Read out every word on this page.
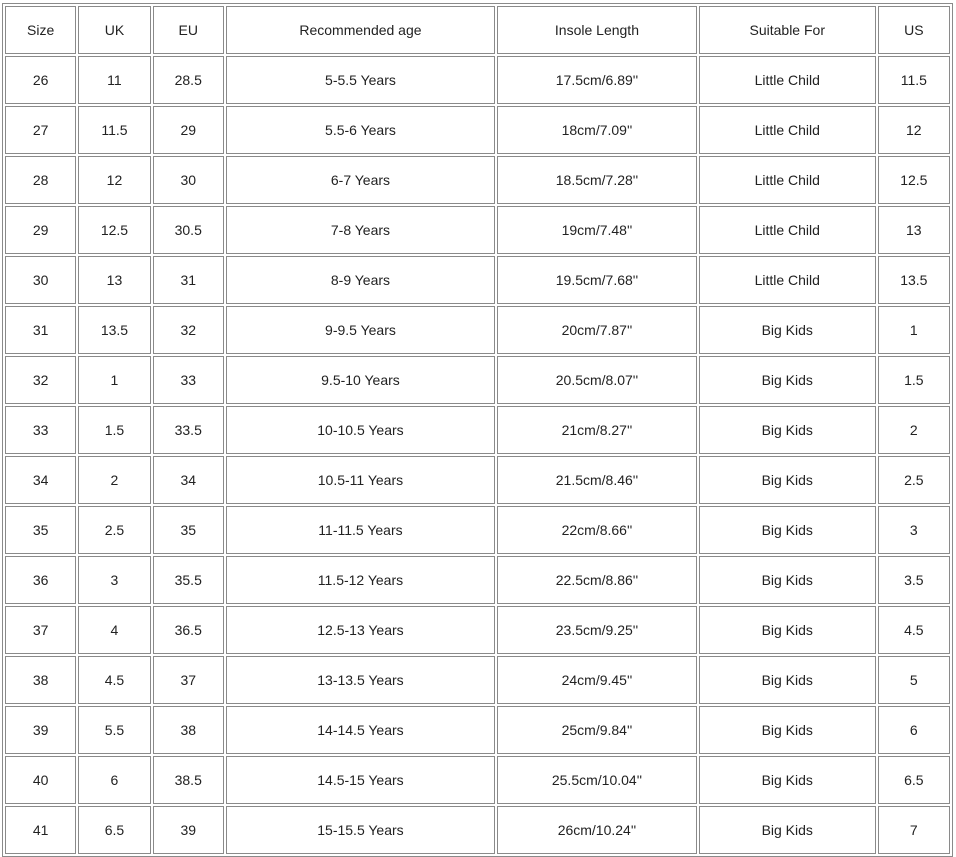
Size	UK	EU	Recommended age	Insole Length	Suitable For	US
26	11	28.5	5-5.5 Years	17.5cm/6.89''	Little Child	11.5
27	11.5	29	5.5-6 Years	18cm/7.09''	Little Child	12
28	12	30	6-7 Years	18.5cm/7.28''	Little Child	12.5
29	12.5	30.5	7-8 Years	19cm/7.48''	Little Child	13
30	13	31	8-9 Years	19.5cm/7.68''	Little Child	13.5
31	13.5	32	9-9.5 Years	20cm/7.87''	Big Kids	1
32	1	33	9.5-10 Years	20.5cm/8.07''	Big Kids	1.5
33	1.5	33.5	10-10.5 Years	21cm/8.27''	Big Kids	2
34	2	34	10.5-11 Years	21.5cm/8.46''	Big Kids	2.5
35	2.5	35	11-11.5 Years	22cm/8.66''	Big Kids	3
36	3	35.5	11.5-12 Years	22.5cm/8.86''	Big Kids	3.5
37	4	36.5	12.5-13 Years	23.5cm/9.25''	Big Kids	4.5
38	4.5	37	13-13.5 Years	24cm/9.45''	Big Kids	5
39	5.5	38	14-14.5 Years	25cm/9.84''	Big Kids	6
40	6	38.5	14.5-15 Years	25.5cm/10.04''	Big Kids	6.5
41	6.5	39	15-15.5 Years	26cm/10.24''	Big Kids	7
